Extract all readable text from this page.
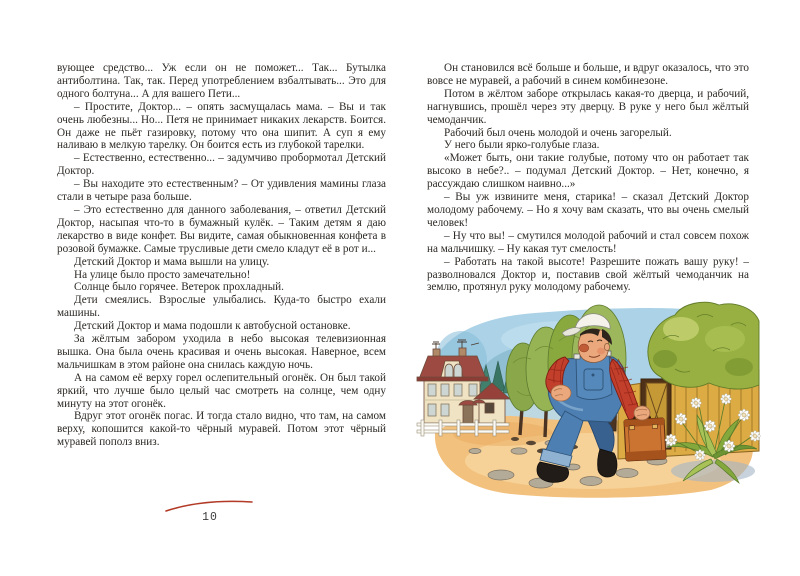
вующее средство... Уж если он не поможет... Так... Бутылка антиболтина. Так, так. Перед употреблением взбалтывать... Это для одного болтуна... А для вашего Пети...

– Простите, Доктор... – опять засмущалась мама. – Вы и так очень любезны... Но... Петя не принимает никаких лекарств. Боится. Он даже не пьёт газировку, потому что она шипит. А суп я ему наливаю в мелкую тарелку. Он боится есть из глубокой тарелки.

– Естественно, естественно... – задумчиво пробормотал Детский Доктор.

– Вы находите это естественным? – От удивления мамины глаза стали в четыре раза больше.

– Это естественно для данного заболевания, – ответил Детский Доктор, насыпая что-то в бумажный кулёк. – Таким детям я даю лекарство в виде конфет. Вы видите, самая обыкновенная конфета в розовой бумажке. Самые трусливые дети смело кладут её в рот и...

Детский Доктор и мама вышли на улицу.

На улице было просто замечательно!

Солнце было горячее. Ветерок прохладный.

Дети смеялись. Взрослые улыбались. Куда-то быстро ехали машины.

Детский Доктор и мама подошли к автобусной остановке.

За жёлтым забором уходила в небо высокая телевизионная вышка. Она была очень красивая и очень высокая. Наверное, всем мальчишкам в этом районе она снилась каждую ночь.

А на самом её верху горел ослепительный огонёк. Он был такой яркий, что лучше было целый час смотреть на солнце, чем одну минуту на этот огонёк.

Вдруг этот огонёк погас. И тогда стало видно, что там, на самом верху, копошится какой-то чёрный муравей. Потом этот чёрный муравей пополз вниз.

Он становился всё больше и больше, и вдруг оказалось, что это вовсе не муравей, а рабочий в синем комбинезоне.

Потом в жёлтом заборе открылась какая-то дверца, и рабочий, нагнувшись, прошёл через эту дверцу. В руке у него был жёлтый чемоданчик.

Рабочий был очень молодой и очень загорелый.

У него были ярко-голубые глаза.

«Может быть, они такие голубые, потому что он работает так высоко в небе?.. – подумал Детский Доктор. – Нет, конечно, я рассуждаю слишком наивно...»

– Вы уж извините меня, старика! – сказал Детский Доктор молодому рабочему. – Но я хочу вам сказать, что вы очень смелый человек!

– Ну что вы! – смутился молодой рабочий и стал совсем похож на мальчишку. – Ну какая тут смелость!

– Работать на такой высоте! Разрешите пожать вашу руку! – разволновался Доктор и, поставив свой жёлтый чемоданчик на землю, протянул руку молодому рабочему.

10
